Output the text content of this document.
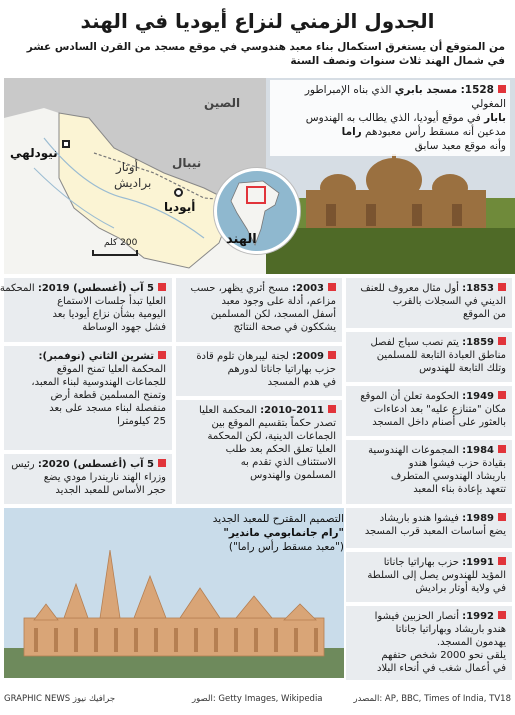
الجدول الزمني لنزاع أيوديا في الهند
من المتوقع أن يستغرق استكمال بناء معبد هندوسي في موقع مسجد من القرن السادس عشر
في شمال الهند ثلاث سنوات ونصف السنة
الصين
نيبال
أوتار
براديش
نيودلهي
أيوديا
200 كلم
1528: مسجد بابري الذي بناه الإمبراطور المغولي
بابار في موقع أيوديا، الذي يطالب به الهندوس
مدعين أنه مسقط رأس معبودهم راما
وأنه موقع معبد سابق
الهند

1853: أول مثال معروف للعنف

الديني في السجلات بالقرب

من الموقع

1859: يتم نصب سياج لفصل

مناطق العبادة التابعة للمسلمين

وتلك التابعة للهندوس

1949: الحكومة تعلن أن الموقع

مكان "متنازع عليه" بعد ادعاءات

بالعثور على أصنام داخل المسجد

1984: المجموعات الهندوسية

بقيادة حزب فيشوا هندو

باريشاد الهندوسي المتطرف

تتعهد بإعادة بناء المعبد

1989: فيشوا هندو باريشاد

يضع أساسات المعبد قرب المسجد

1991: حزب بهاراتيا جاناتا

المؤيد للهندوس يصل إلى السلطة

في ولاية أوتار براديش

1992: أنصار الحزبين فيشوا

هندو باريشاد وبهاراتيا جاناتا

يهدمون المسجد.

يلقى نحو 2000 شخص حتفهم

في أعمال شغب في أنحاء البلاد

2003: مسح أثري يظهر، حسب

مزاعم، أدلة على وجود معبد

أسفل المسجد، لكن المسلمين

يشككون في صحة النتائج

2009: لجنة ليبرهان تلوم قادة

حزب بهاراتيا جاناتا لدورهم

في هدم المسجد

2010-2011: المحكمة العليا

تصدر حكماً بتقسيم الموقع بين

الجماعات الدينية، لكن المحكمة

العليا تعلق الحكم بعد طلب

الاستئناف الذي تقدم به

المسلمون والهندوس

5 آب (أغسطس) 2019: المحكمة

العليا تبدأ جلسات الاستماع

اليومية بشأن نزاع أيوديا بعد

فشل جهود الوساطة

تشرين الثاني (نوفمبر):

المحكمة العليا تمنح الموقع

للجماعات الهندوسية لبناء المعبد،

وتمنح المسلمين قطعة أرض

منفصلة لبناء مسجد على بعد

25 كيلومترا

5 آب (أغسطس) 2020: رئيس

وزراء الهند ناريندرا مودي يضع

حجر الأساس للمعبد الجديد

التصميم المقترح للمعبد الجديد
"رام جانمابومي ماندير"
("معبد مسقط رأس راما")
المصدر: AP, BBC, Times of India, TV18
الصور: Getty Images, Wikipedia
GRAPHIC NEWS جرافيك نيوز
